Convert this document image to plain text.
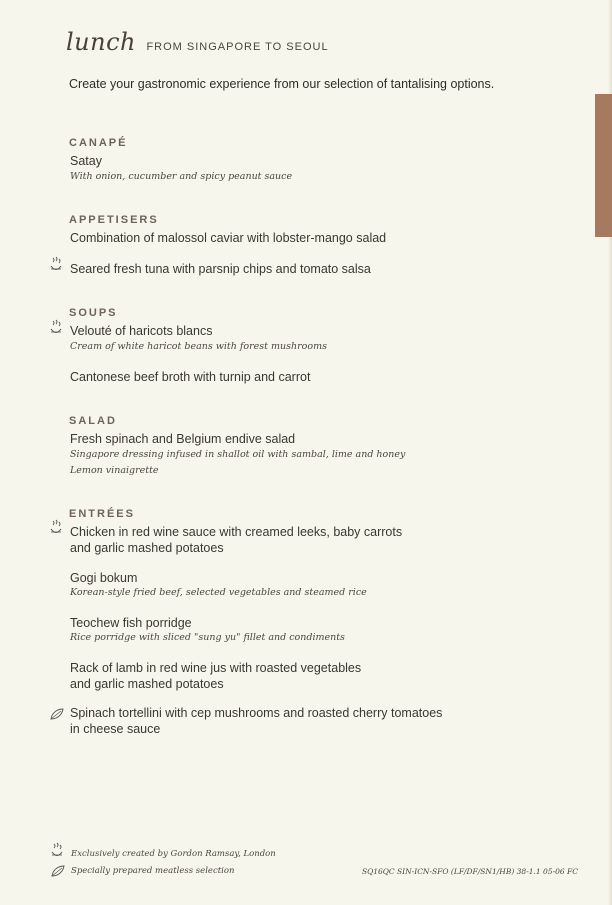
lunch FROM SINGAPORE TO SEOUL
Create your gastronomic experience from our selection of tantalising options.
CANAPÉ
Satay
With onion, cucumber and spicy peanut sauce
APPETISERS
Combination of malossol caviar with lobster-mango salad
Seared fresh tuna with parsnip chips and tomato salsa
SOUPS
Velouté of haricots blancs
Cream of white haricot beans with forest mushrooms
Cantonese beef broth with turnip and carrot
SALAD
Fresh spinach and Belgium endive salad
Singapore dressing infused in shallot oil with sambal, lime and honey
Lemon vinaigrette
ENTRÉES
Chicken in red wine sauce with creamed leeks, baby carrots
and garlic mashed potatoes
Gogi bokum
Korean-style fried beef, selected vegetables and steamed rice
Teochew fish porridge
Rice porridge with sliced "sung yu" fillet and condiments
Rack of lamb in red wine jus with roasted vegetables
and garlic mashed potatoes
Spinach tortellini with cep mushrooms and roasted cherry tomatoes
in cheese sauce
Exclusively created by Gordon Ramsay, London
Specially prepared meatless selection	SQ16QC SIN-ICN-SFO (LF/DF/SN1/HB) 38-1.1 05-06 FC
